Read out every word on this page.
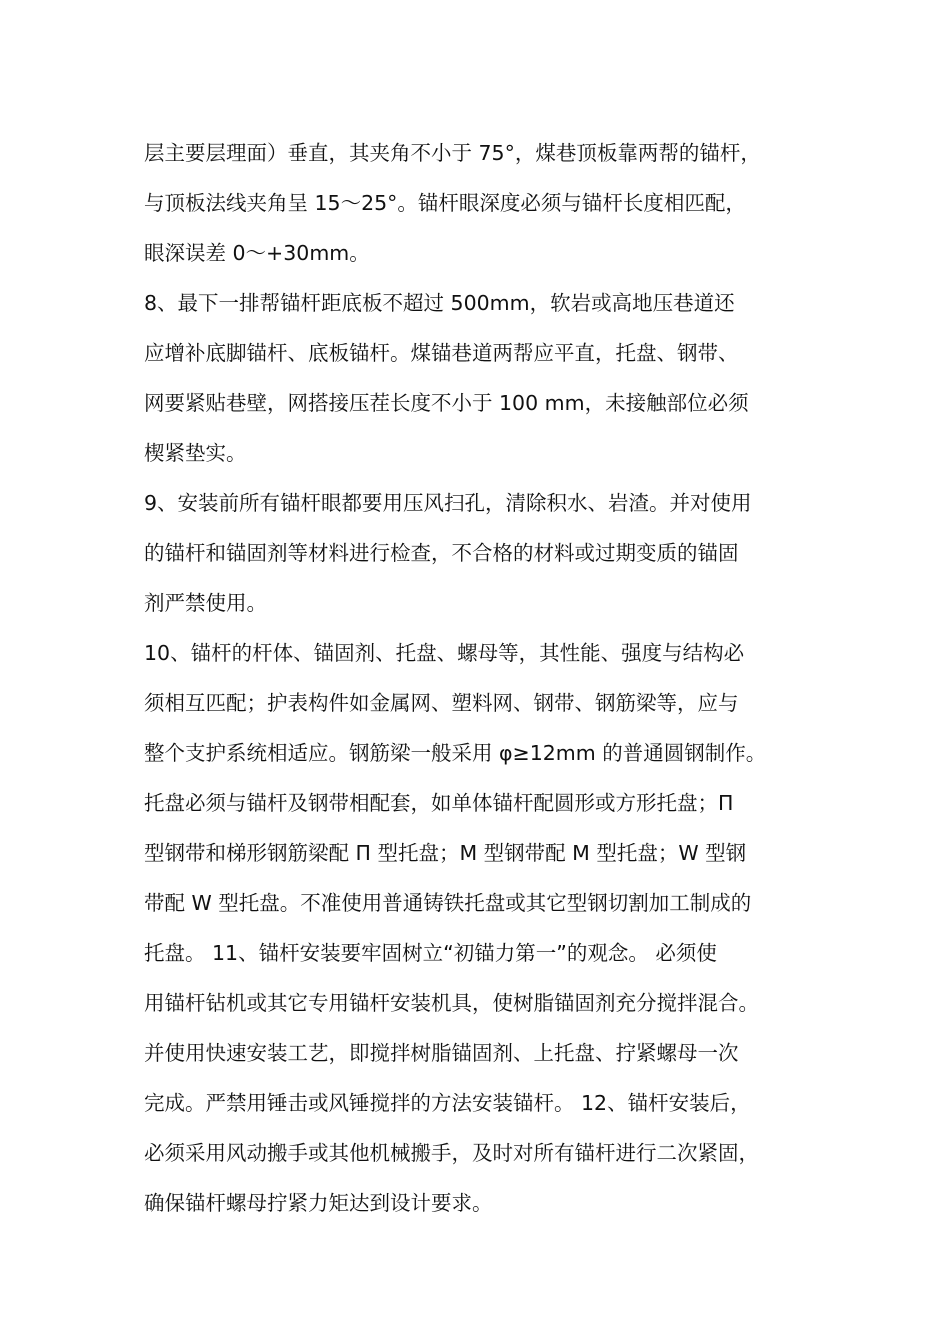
层主要层理面）垂直，其夹角不小于 75°，煤巷顶板靠两帮的锚杆，
与顶板法线夹角呈 15～25°。锚杆眼深度必须与锚杆长度相匹配，
眼深误差 0～+30mm。
8、最下一排帮锚杆距底板不超过 500mm，软岩或高地压巷道还
应增补底脚锚杆、底板锚杆。煤锚巷道两帮应平直，托盘、钢带、
网要紧贴巷壁，网搭接压茬长度不小于 100 mm，未接触部位必须
楔紧垫实。
9、安装前所有锚杆眼都要用压风扫孔，清除积水、岩渣。并对使用
的锚杆和锚固剂等材料进行检查，不合格的材料或过期变质的锚固
剂严禁使用。
10、锚杆的杆体、锚固剂、托盘、螺母等，其性能、强度与结构必
须相互匹配；护表构件如金属网、塑料网、钢带、钢筋梁等，应与
整个支护系统相适应。钢筋梁一般采用 φ≥12mm 的普通圆钢制作。
托盘必须与锚杆及钢带相配套，如单体锚杆配圆形或方形托盘；Π
型钢带和梯形钢筋梁配 Π 型托盘；M 型钢带配 M 型托盘；W 型钢
带配 W 型托盘。不准使用普通铸铁托盘或其它型钢切割加工制成的
托盘。 11、锚杆安装要牢固树立“初锚力第一”的观念。 必须使
用锚杆钻机或其它专用锚杆安装机具，使树脂锚固剂充分搅拌混合。
并使用快速安装工艺，即搅拌树脂锚固剂、上托盘、拧紧螺母一次
完成。严禁用锤击或风锤搅拌的方法安装锚杆。 12、锚杆安装后，
必须采用风动搬手或其他机械搬手，及时对所有锚杆进行二次紧固，
确保锚杆螺母拧紧力矩达到设计要求。
